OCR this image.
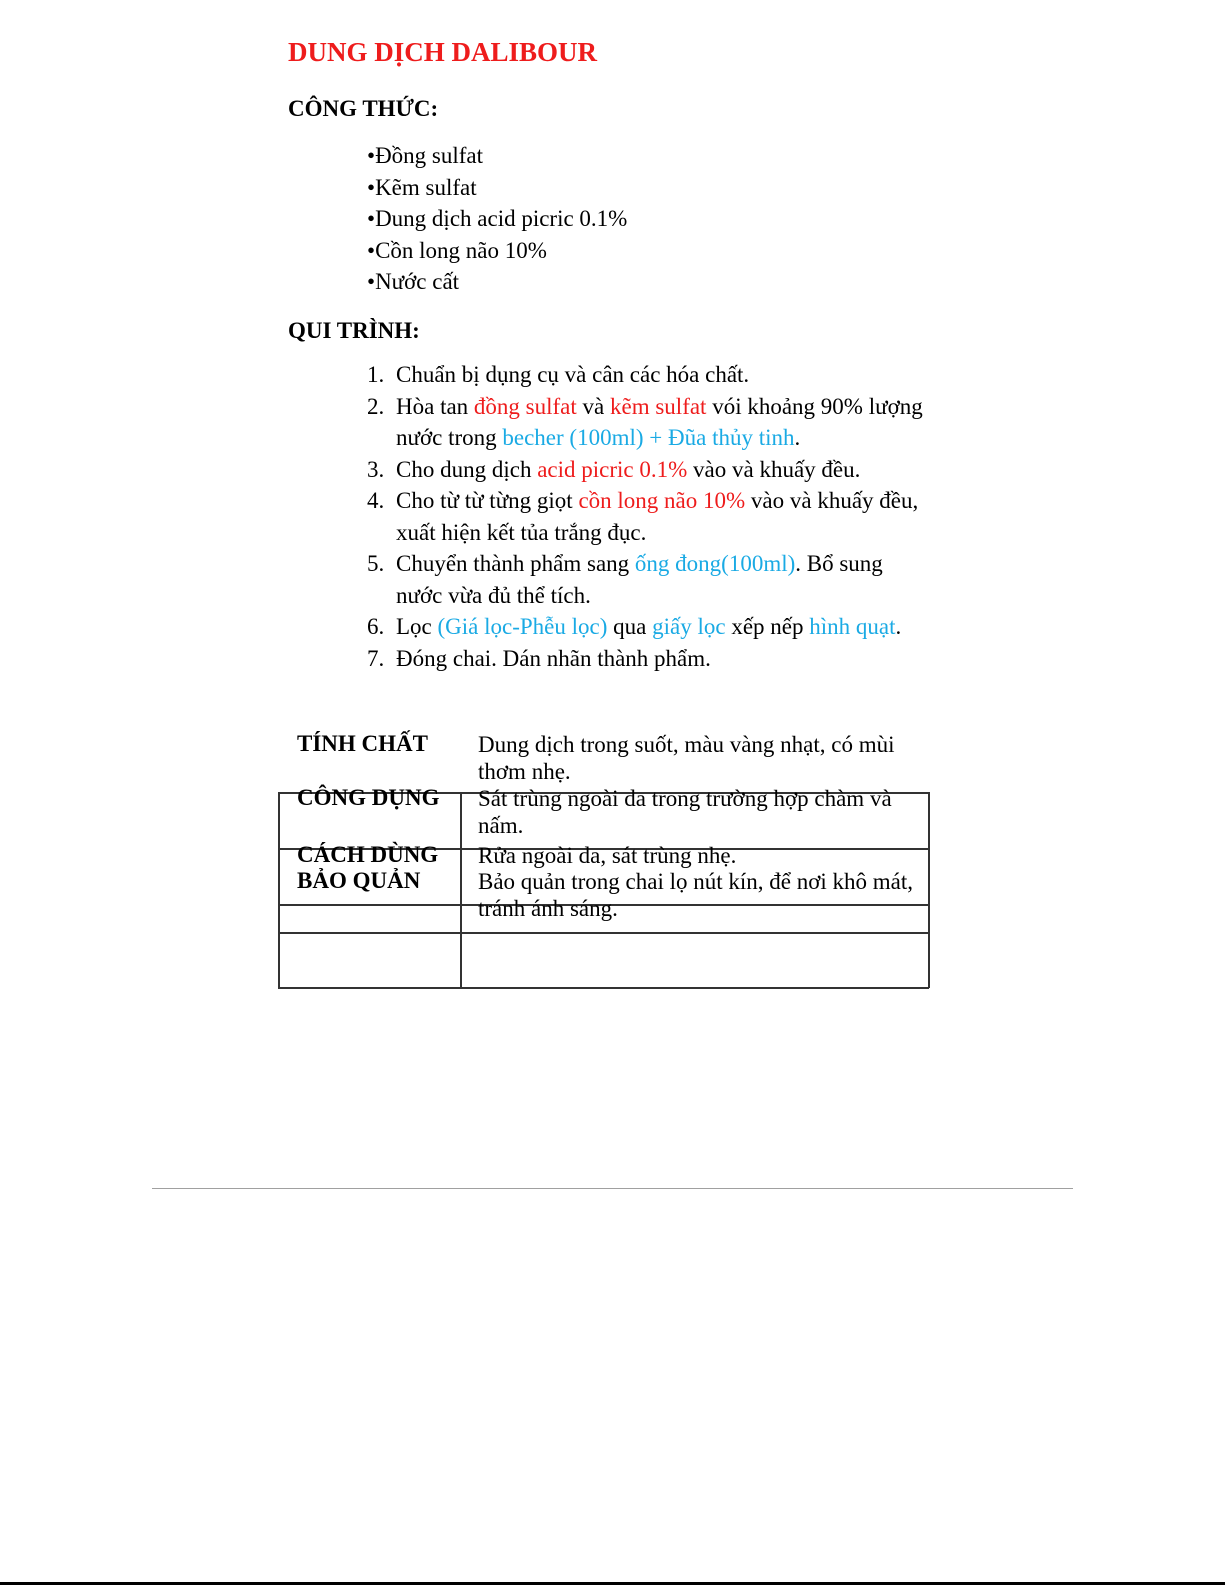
DUNG DỊCH DALIBOUR
CÔNG THỨC:
• Đồng sulfat
• Kẽm sulfat
• Dung dịch acid picric 0.1%
• Cồn long não 10%
• Nước cất
QUI TRÌNH:
1. Chuẩn bị dụng cụ và cân các hóa chất.
2. Hòa tan đồng sulfat và kẽm sulfat vói khoảng 90% lượng nước trong becher (100ml) + Đũa thủy tinh.
3. Cho dung dịch acid picric 0.1% vào và khuấy đều.
4. Cho từ từ từng giọt cồn long não 10% vào và khuấy đều, xuất hiện kết tủa trắng đục.
5. Chuyển thành phẩm sang ống đong(100ml). Bổ sung nước vừa đủ thể tích.
6. Lọc (Giá lọc-Phễu lọc) qua giấy lọc xếp nếp hình quạt.
7. Đóng chai. Dán nhãn thành phẩm.

TÍNH CHẤT Dung dịch trong suốt, màu vàng nhạt, có mùi thơm nhẹ.

CÔNG DỤNG Sát trùng ngoài da trong trường hợp chàm và nấm.

CÁCH DÙNG Rửa ngoài da, sát trùng nhẹ.

BẢO QUẢN	Bảo quản trong chai lọ nút kín, để nơi khô mát, tránh ánh sáng.
